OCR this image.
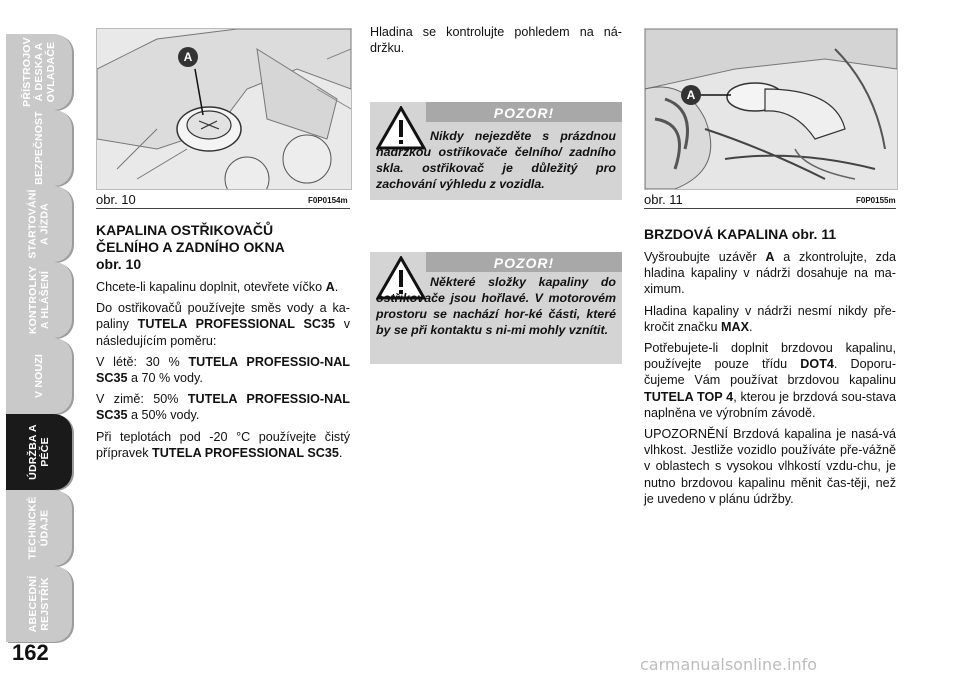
PŘÍSTROJOV Á DESKA A OVLADAČE
BEZPEČNOST
STARTOVÁNÍ A JÍZDA
KONTROLKY A HLÁŠENÍ
V NOUZI
ÚDRŽBA A PÉČE
TECHNICKÉ ÚDAJE
ABECEDNÍ REJSTŘÍK
162
A
obr. 10	F0P0154m
KAPALINA OSTŘIKOVAČŮ
ČELNÍHO A ZADNÍHO OKNA
obr. 10

Chcete-li kapalinu doplnit, otevřete víčko A.

Do ostřikovačů používejte směs vody a ka-paliny TUTELA PROFESSIONAL SC35 v následujícím poměru:

V létě: 30 % TUTELA PROFESSIO-NAL SC35 a 70 % vody.

V zimě: 50% TUTELA PROFESSIO-NAL SC35 a 50% vody.

Při teplotách pod -20 °C používejte čistý přípravek TUTELA PROFESSIONAL SC35.

Hladina se kontrolujte pohledem na ná-držku.

POZOR!
Nikdy nejezděte s prázdnou nádržkou ostřikovače čelního/ zadního skla. ostřikovač je důležitý pro zachování výhledu z vozidla.
POZOR!
Některé složky kapaliny do ostřikovače jsou hořlavé. V motorovém prostoru se nachází hor-ké části, které by se při kontaktu s ni-mi mohly vznítit.
A
obr. 11	F0P0155m
BRZDOVÁ KAPALINA obr. 11

Vyšroubujte uzávěr A a zkontrolujte, zda hladina kapaliny v nádrži dosahuje na ma-ximum.

Hladina kapaliny v nádrži nesmí nikdy pře-kročit značku MAX.

Potřebujete-li doplnit brzdovou kapalinu, používejte pouze třídu DOT4. Doporu-čujeme Vám používat brzdovou kapalinu TUTELA TOP 4, kterou je brzdová sou-stava naplněna ve výrobním závodě.

UPOZORNĚNÍ Brzdová kapalina je nasá-vá vlhkost. Jestliže vozidlo používáte pře-vážně v oblastech s vysokou vlhkostí vzdu-chu, je nutno brzdovou kapalinu měnit čas-těji, než je uvedeno v plánu údržby.

carmanualsonline.info
